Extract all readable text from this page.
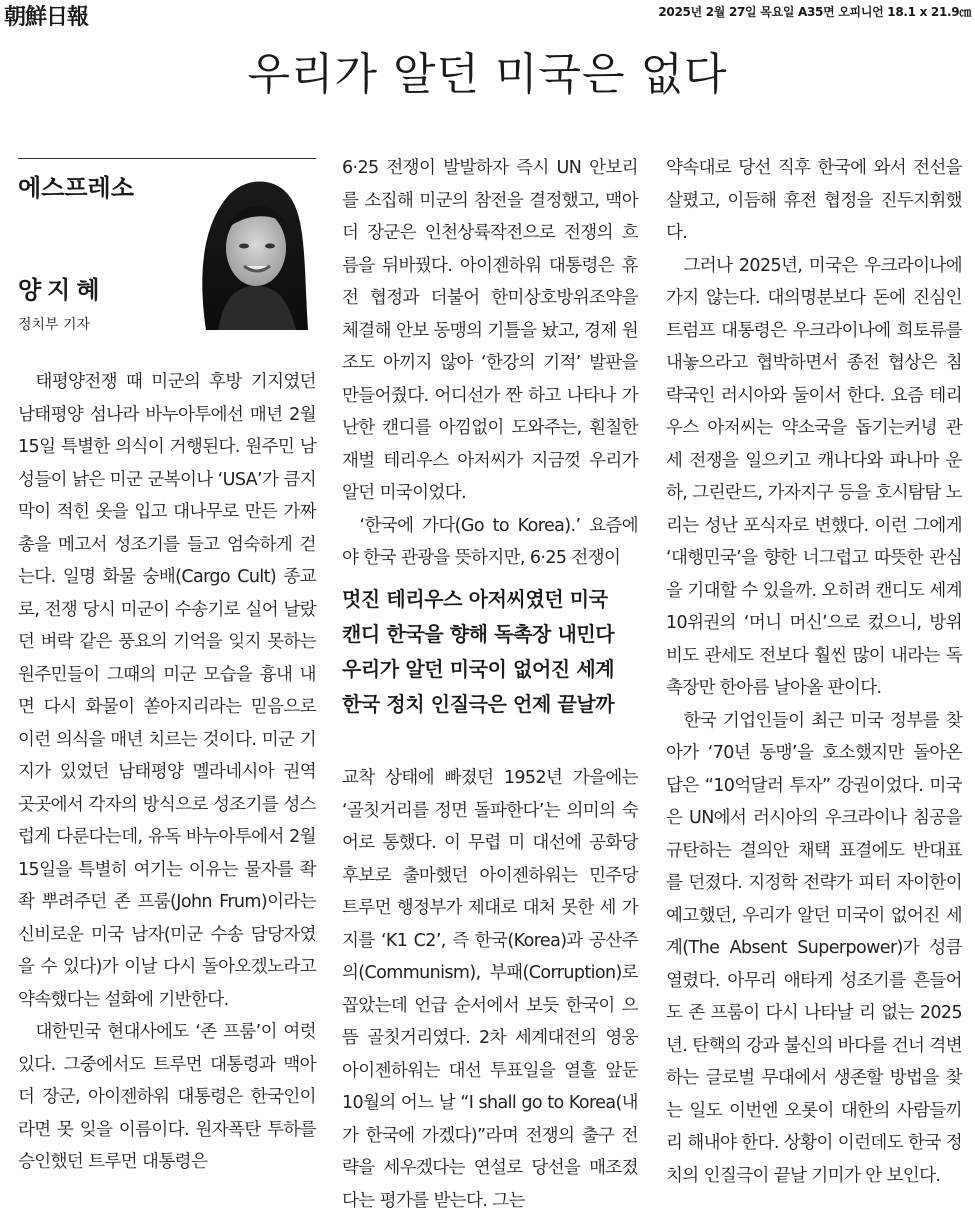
朝鮮日報	2025년 2월 27일 목요일 A35면 오피니언 18.1 x 21.9㎝
우리가 알던 미국은 없다
에스프레소
양지혜
정치부 기자

태평양전쟁 때 미군의 후방 기지였던 남태평양 섬나라 바누아투에선 매년 2월 15일 특별한 의식이 거행된다. 원주민 남성들이 낡은 미군 군복이나 ‘USA’가 큼지막이 적힌 옷을 입고 대나무로 만든 가짜 총을 메고서 성조기를 들고 엄숙하게 걷는다. 일명 화물 숭배(Cargo Cult) 종교로, 전쟁 당시 미군이 수송기로 실어 날랐던 벼락 같은 풍요의 기억을 잊지 못하는 원주민들이 그때의 미군 모습을 흉내 내면 다시 화물이 쏟아지리라는 믿음으로 이런 의식을 매년 치르는 것이다. 미군 기지가 있었던 남태평양 멜라네시아 권역 곳곳에서 각자의 방식으로 성조기를 성스럽게 다룬다는데, 유독 바누아투에서 2월 15일을 특별히 여기는 이유는 물자를 좍좍 뿌려주던 존 프룸(John Frum)이라는 신비로운 미국 남자(미군 수송 담당자였을 수 있다)가 이날 다시 돌아오겠노라고 약속했다는 설화에 기반한다.

대한민국 현대사에도 ‘존 프룸’이 여럿 있다. 그중에서도 트루먼 대통령과 맥아더 장군, 아이젠하워 대통령은 한국인이라면 못 잊을 이름이다. 원자폭탄 투하를 승인했던 트루먼 대통령은

6·25 전쟁이 발발하자 즉시 UN 안보리를 소집해 미군의 참전을 결정했고, 맥아더 장군은 인천상륙작전으로 전쟁의 흐름을 뒤바꿨다. 아이젠하워 대통령은 휴전 협정과 더불어 한미상호방위조약을 체결해 안보 동맹의 기틀을 놨고, 경제 원조도 아끼지 않아 ‘한강의 기적’ 발판을 만들어줬다. 어디선가 짠 하고 나타나 가난한 캔디를 아낌없이 도와주는, 훤칠한 재벌 테리우스 아저씨가 지금껏 우리가 알던 미국이었다.

‘한국에 가다(Go to Korea).’ 요즘에야 한국 관광을 뜻하지만, 6·25 전쟁이

멋진 테리우스 아저씨였던 미국
캔디 한국을 향해 독촉장 내민다
우리가 알던 미국이 없어진 세계
한국 정치 인질극은 언제 끝날까

교착 상태에 빠졌던 1952년 가을에는 ‘골칫거리를 정면 돌파한다’는 의미의 숙어로 통했다. 이 무렵 미 대선에 공화당 후보로 출마했던 아이젠하워는 민주당 트루먼 행정부가 제대로 대처 못한 세 가지를 ‘K1 C2’, 즉 한국(Korea)과 공산주의(Communism), 부패(Corruption)로 꼽았는데 언급 순서에서 보듯 한국이 으뜸 골칫거리였다. 2차 세계대전의 영웅 아이젠하워는 대선 투표일을 열흘 앞둔 10월의 어느 날 “I shall go to Korea(내가 한국에 가겠다)”라며 전쟁의 출구 전략을 세우겠다는 연설로 당선을 매조졌다는 평가를 받는다. 그는

약속대로 당선 직후 한국에 와서 전선을 살폈고, 이듬해 휴전 협정을 진두지휘했다.

그러나 2025년, 미국은 우크라이나에 가지 않는다. 대의명분보다 돈에 진심인 트럼프 대통령은 우크라이나에 희토류를 내놓으라고 협박하면서 종전 협상은 침략국인 러시아와 둘이서 한다. 요즘 테리우스 아저씨는 약소국을 돕기는커녕 관세 전쟁을 일으키고 캐나다와 파나마 운하, 그린란드, 가자지구 등을 호시탐탐 노리는 성난 포식자로 변했다. 이런 그에게 ‘대행민국’을 향한 너그럽고 따뜻한 관심을 기대할 수 있을까. 오히려 캔디도 세계 10위권의 ‘머니 머신’으로 컸으니, 방위비도 관세도 전보다 훨씬 많이 내라는 독촉장만 한아름 날아올 판이다.

한국 기업인들이 최근 미국 정부를 찾아가 ‘70년 동맹’을 호소했지만 돌아온 답은 “10억달러 투자” 강권이었다. 미국은 UN에서 러시아의 우크라이나 침공을 규탄하는 결의안 채택 표결에도 반대표를 던졌다. 지정학 전략가 피터 자이한이 예고했던, 우리가 알던 미국이 없어진 세계(The Absent Superpower)가 성큼 열렸다. 아무리 애타게 성조기를 흔들어도 존 프룸이 다시 나타날 리 없는 2025년. 탄핵의 강과 불신의 바다를 건너 격변하는 글로벌 무대에서 생존할 방법을 찾는 일도 이번엔 오롯이 대한의 사람들끼리 해내야 한다. 상황이 이런데도 한국 정치의 인질극이 끝날 기미가 안 보인다.
